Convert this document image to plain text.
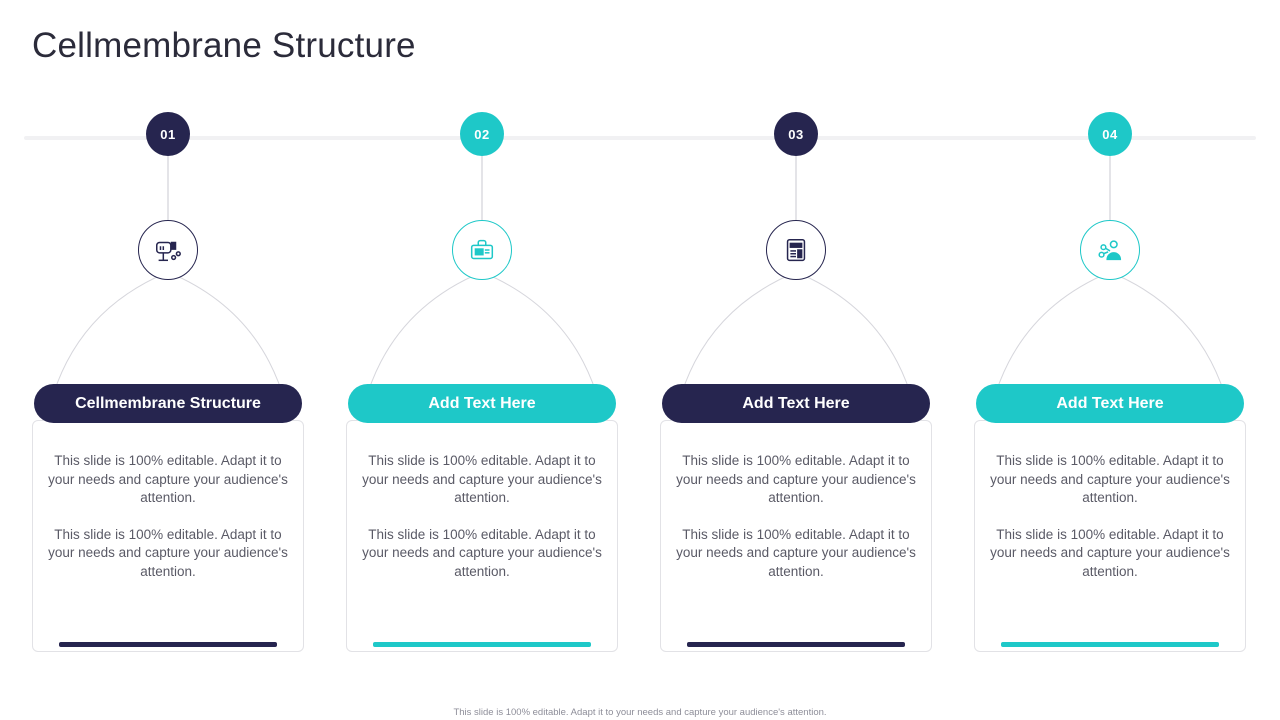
Cellmembrane Structure
01
Cellmembrane Structure

This slide is 100% editable. Adapt it to your needs and capture your audience's attention.

This slide is 100% editable. Adapt it to your needs and capture your audience's attention.

02
Add Text Here

This slide is 100% editable. Adapt it to your needs and capture your audience's attention.

This slide is 100% editable. Adapt it to your needs and capture your audience's attention.

03
Add Text Here

This slide is 100% editable. Adapt it to your needs and capture your audience's attention.

This slide is 100% editable. Adapt it to your needs and capture your audience's attention.

04
Add Text Here

This slide is 100% editable. Adapt it to your needs and capture your audience's attention.

This slide is 100% editable. Adapt it to your needs and capture your audience's attention.

This slide is 100% editable. Adapt it to your needs and capture your audience's attention.
